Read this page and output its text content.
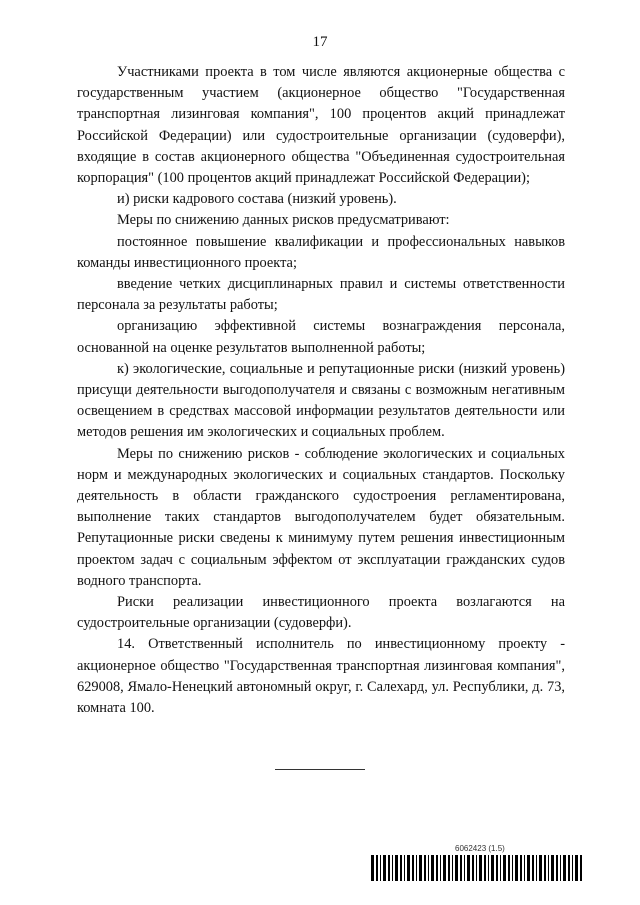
17

Участниками проекта в том числе являются акционерные общества с государственным участием (акционерное общество "Государственная транспортная лизинговая компания", 100 процентов акций принадлежат Российской Федерации) или судостроительные организации (судоверфи), входящие в состав акционерного общества "Объединенная судостроительная корпорация" (100 процентов акций принадлежат Российской Федерации);

и) риски кадрового состава (низкий уровень).

Меры по снижению данных рисков предусматривают:

постоянное повышение квалификации и профессиональных навыков команды инвестиционного проекта;

введение четких дисциплинарных правил и системы ответственности персонала за результаты работы;

организацию эффективной системы вознаграждения персонала, основанной на оценке результатов выполненной работы;

к) экологические, социальные и репутационные риски (низкий уровень) присущи деятельности выгодополучателя и связаны с возможным негативным освещением в средствах массовой информации результатов деятельности или методов решения им экологических и социальных проблем.

Меры по снижению рисков - соблюдение экологических и социальных норм и международных экологических и социальных стандартов. Поскольку деятельность в области гражданского судостроения регламентирована, выполнение таких стандартов выгодополучателем будет обязательным. Репутационные риски сведены к минимуму путем решения инвестиционным проектом задач с социальным эффектом от эксплуатации гражданских судов водного транспорта.

Риски реализации инвестиционного проекта возлагаются на судостроительные организации (судоверфи).

14. Ответственный исполнитель по инвестиционному проекту - акционерное общество "Государственная транспортная лизинговая компания", 629008, Ямало-Ненецкий автономный округ, г. Салехард, ул. Республики, д. 73, комната 100.

6062423 (1.5)
